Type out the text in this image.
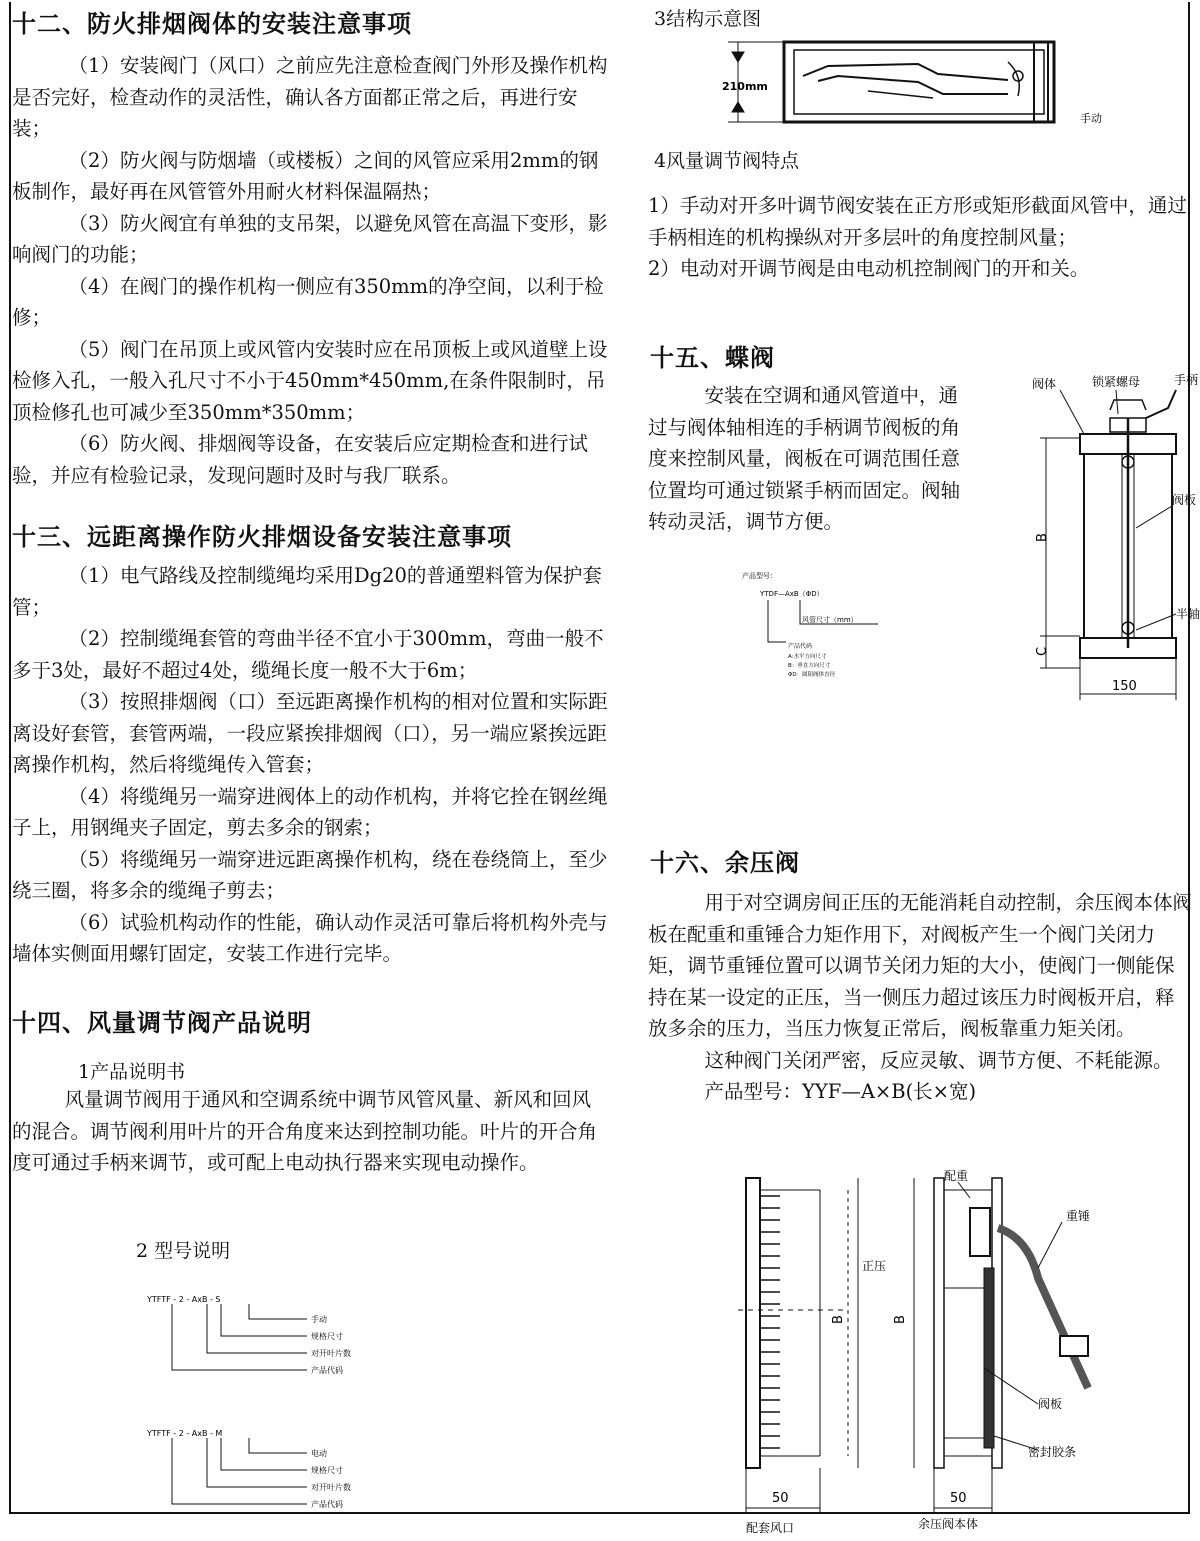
十二、防火排烟阀体的安装注意事项

（1）安装阀门（风口）之前应先注意检查阀门外形及操作机构是否完好，检查动作的灵活性，确认各方面都正常之后，再进行安装；

（2）防火阀与防烟墙（或楼板）之间的风管应采用2mm的钢板制作，最好再在风管管外用耐火材料保温隔热；

（3）防火阀宜有单独的支吊架，以避免风管在高温下变形，影响阀门的功能；

（4）在阀门的操作机构一侧应有350mm的净空间，以利于检修；

（5）阀门在吊顶上或风管内安装时应在吊顶板上或风道壁上设检修入孔，一般入孔尺寸不小于450mm*450mm,在条件限制时，吊顶检修孔也可减少至350mm*350mm；

（6）防火阀、排烟阀等设备，在安装后应定期检查和进行试验，并应有检验记录，发现问题时及时与我厂联系。

十三、远距离操作防火排烟设备安装注意事项

（1）电气路线及控制缆绳均采用Dg20的普通塑料管为保护套管；

（2）控制缆绳套管的弯曲半径不宜小于300mm，弯曲一般不多于3处，最好不超过4处，缆绳长度一般不大于6m；

（3）按照排烟阀（口）至远距离操作机构的相对位置和实际距离设好套管，套管两端，一段应紧挨排烟阀（口），另一端应紧挨远距离操作机构，然后将缆绳传入管套；

（4）将缆绳另一端穿进阀体上的动作机构，并将它拴在钢丝绳子上，用钢绳夹子固定，剪去多余的钢索；

（5）将缆绳另一端穿进远距离操作机构，绕在卷绕筒上，至少绕三圈，将多余的缆绳子剪去；

（6）试验机构动作的性能，确认动作灵活可靠后将机构外壳与墙体实侧面用螺钉固定，安装工作进行完毕。

十四、风量调节阀产品说明
1产品说明书

风量调节阀用于通风和空调系统中调节风管风量、新风和回风的混合。调节阀利用叶片的开合角度来达到控制功能。叶片的开合角度可通过手柄来调节，或可配上电动执行器来实现电动操作。

2 型号说明
YTFTF - 2 - AxB - S
手动
规格尺寸
对开叶片数
产品代码
YTFTF - 2 - AxB - M
电动
规格尺寸
对开叶片数
产品代码
3结构示意图
210mm
手动
4风量调节阀特点

1）手动对开多叶调节阀安装在正方形或矩形截面风管中，通过手柄相连的机构操纵对开多层叶的角度控制风量；

2）电动对开调节阀是由电动机控制阀门的开和关。

十五、蝶阀

安装在空调和通风管道中，通过与阀体轴相连的手柄调节阀板的角度来控制风量，阀板在可调范围任意位置均可通过锁紧手柄而固定。阀轴转动灵活，调节方便。

产品型号：
YTDF—AxB（ΦD）
风管尺寸（mm）
产品代码
A:水平方向尺寸
B：垂直方向尺寸
ΦD：圆阻阀体直径
阀体	锁紧螺母	手柄
阀板
半轴
B
C
150
十六、余压阀

用于对空调房间正压的无能消耗自动控制，余压阀本体阀板在配重和重锤合力矩作用下，对阀板产生一个阀门关闭力矩，调节重锤位置可以调节关闭力矩的大小，使阀门一侧能保持在某一设定的正压，当一侧压力超过该压力时阀板开启，释放多余的压力，当压力恢复正常后，阀板靠重力矩关闭。

这种阀门关闭严密，反应灵敏、调节方便、不耗能源。

产品型号：YYF—A×B(长×宽)

配重
重锤
正压
B	B
阀板
密封胶条
50	50
配套风口	余压阀本体
